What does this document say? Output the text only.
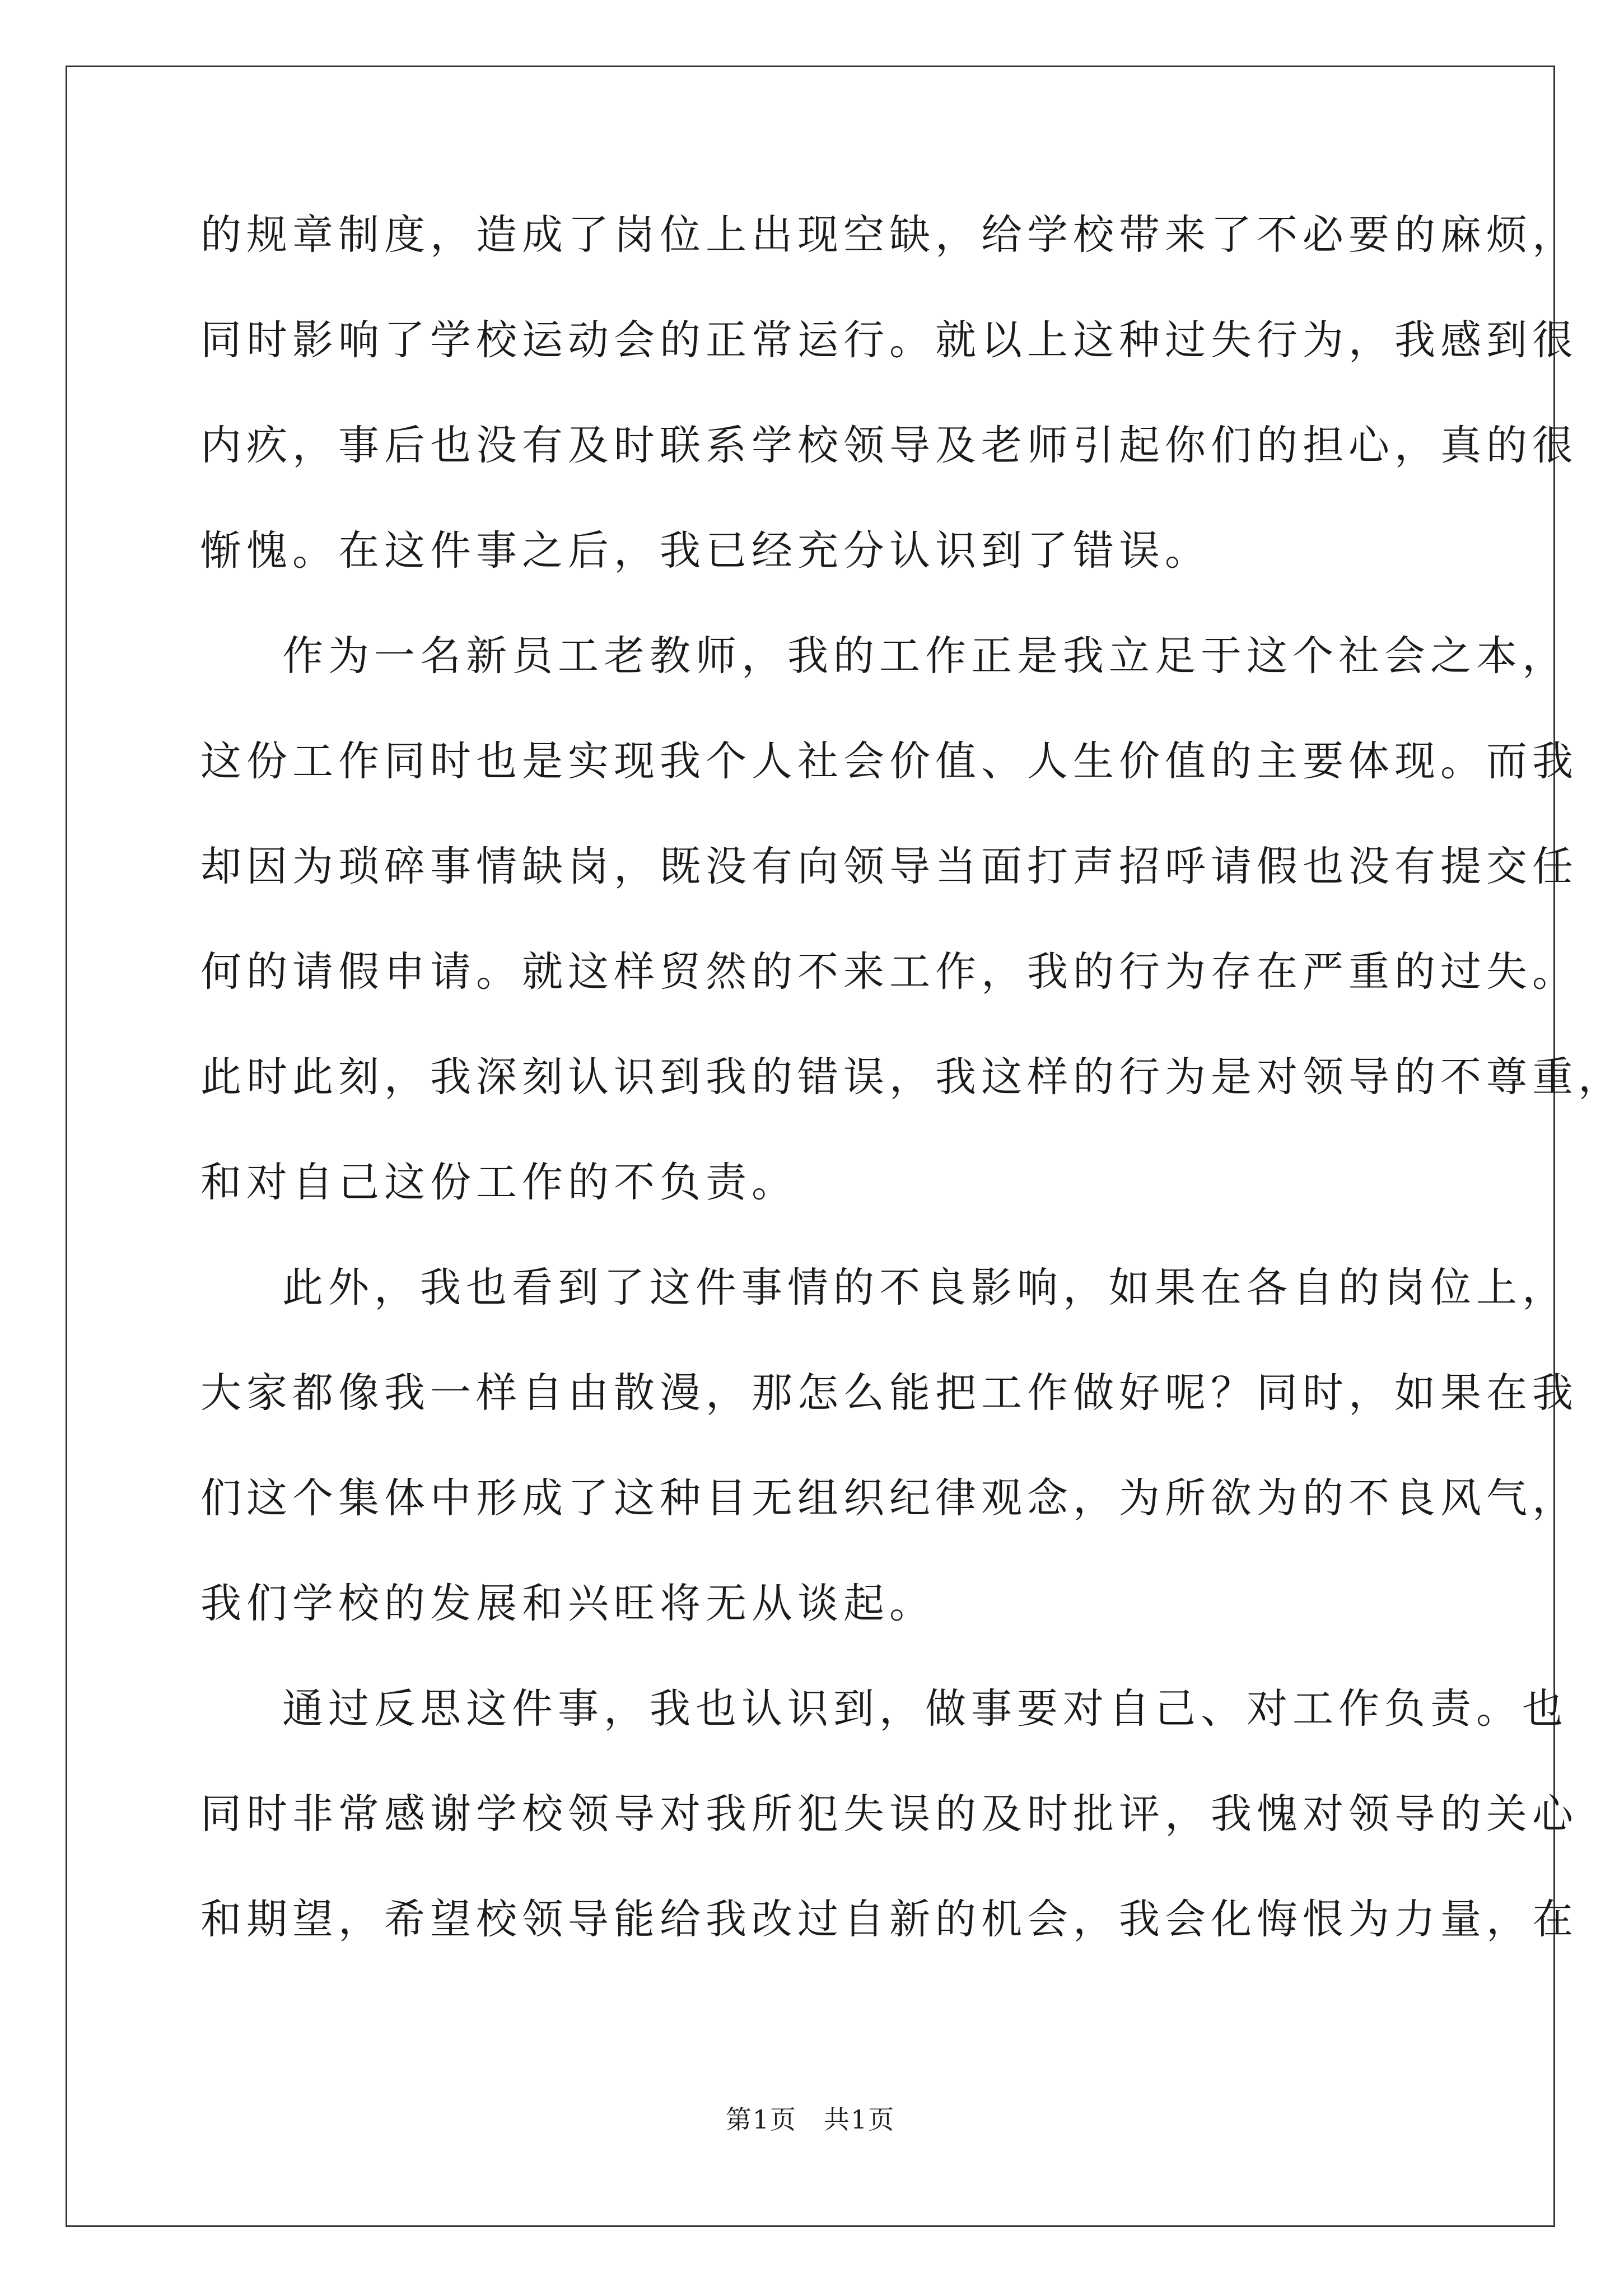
的规章制度，造成了岗位上出现空缺，给学校带来了不必要的麻烦，
同时影响了学校运动会的正常运行。就以上这种过失行为，我感到很
内疚，事后也没有及时联系学校领导及老师引起你们的担心，真的很
惭愧。在这件事之后，我已经充分认识到了错误。
作为一名新员工老教师，我的工作正是我立足于这个社会之本，
这份工作同时也是实现我个人社会价值、人生价值的主要体现。而我
却因为琐碎事情缺岗，既没有向领导当面打声招呼请假也没有提交任
何的请假申请。就这样贸然的不来工作，我的行为存在严重的过失。
此时此刻，我深刻认识到我的错误，我这样的行为是对领导的不尊重，
和对自己这份工作的不负责。
此外，我也看到了这件事情的不良影响，如果在各自的岗位上，
大家都像我一样自由散漫，那怎么能把工作做好呢？同时，如果在我
们这个集体中形成了这种目无组织纪律观念，为所欲为的不良风气，
我们学校的发展和兴旺将无从谈起。
通过反思这件事，我也认识到，做事要对自己、对工作负责。也
同时非常感谢学校领导对我所犯失误的及时批评，我愧对领导的关心
和期望，希望校领导能给我改过自新的机会，我会化悔恨为力量，在
第1页　共1页
